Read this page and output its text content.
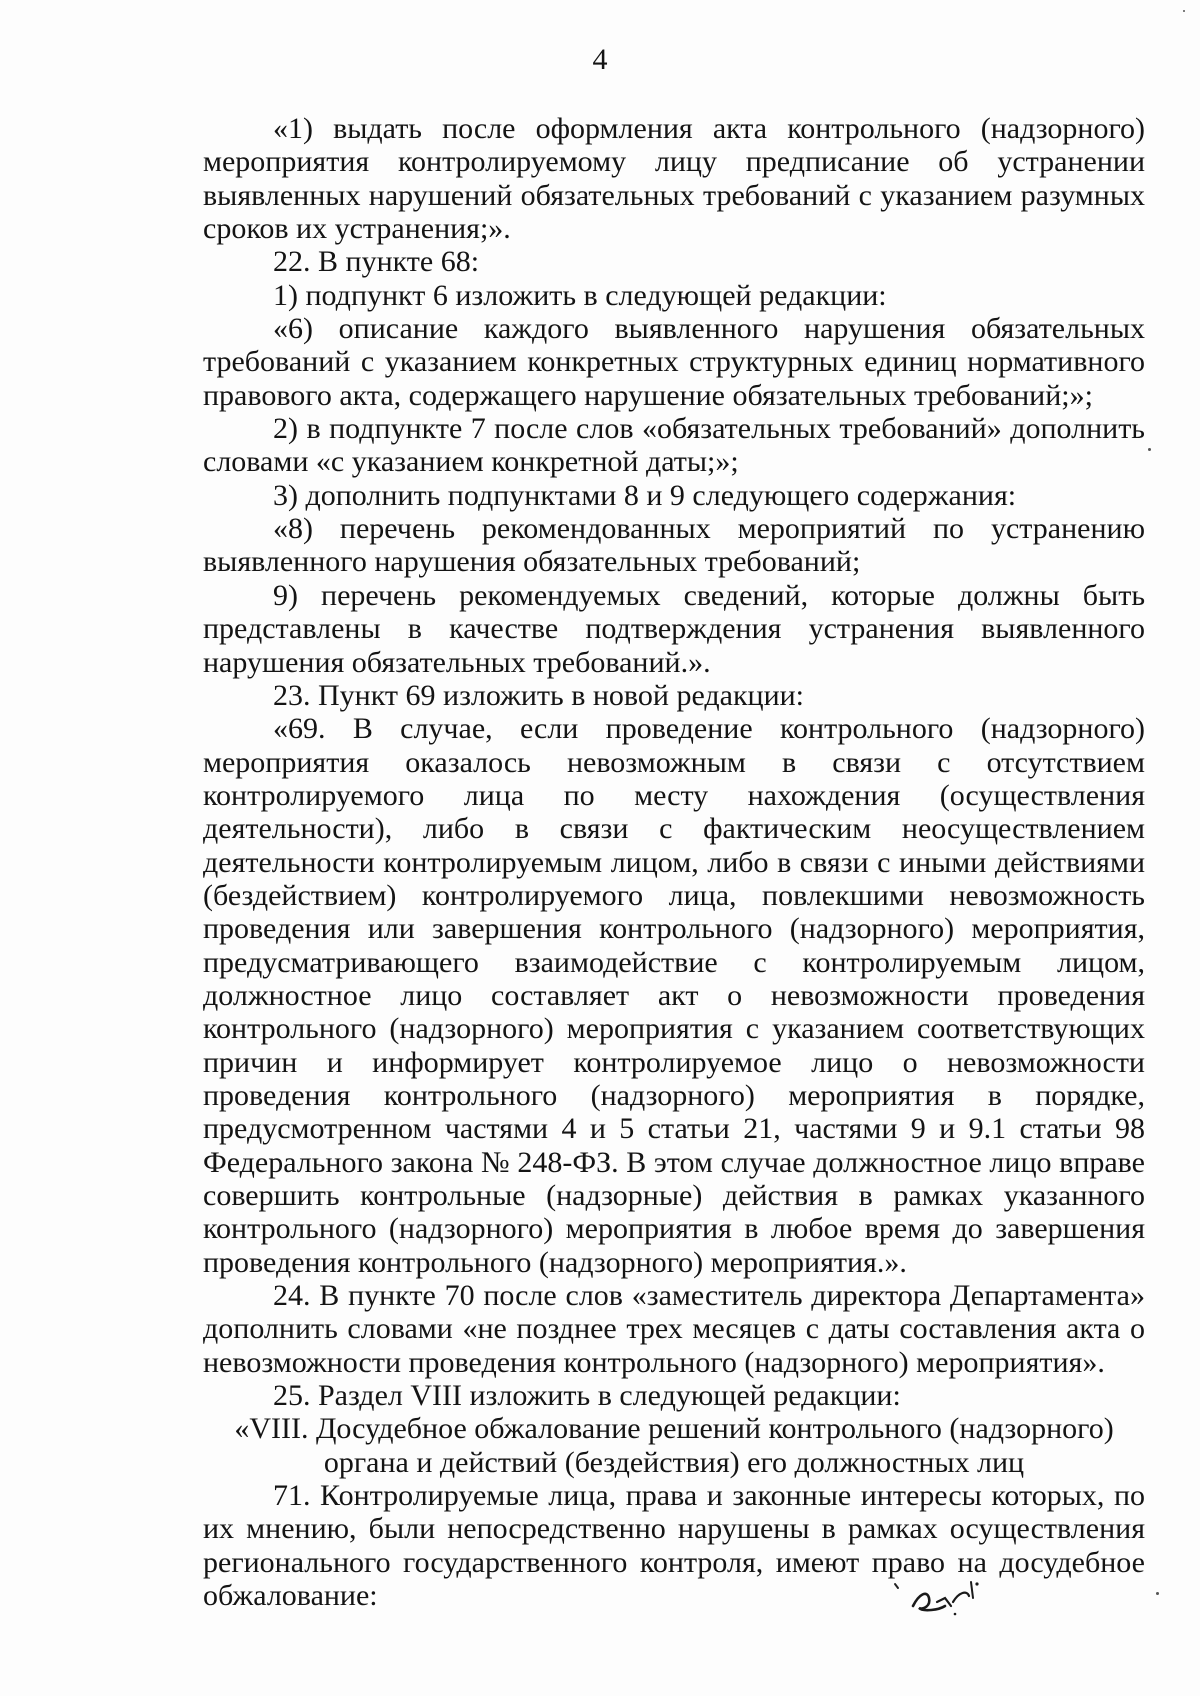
4

«1) выдать после оформления акта контрольного (надзорного) мероприятия контролируемому лицу предписание об устранении выявленных нарушений обязательных требований с указанием разумных сроков их устранения;».

22. В пункте 68:

1) подпункт 6 изложить в следующей редакции:

«6) описание каждого выявленного нарушения обязательных требований с указанием конкретных структурных единиц нормативного правового акта, содержащего нарушение обязательных требований;»;

2) в подпункте 7 после слов «обязательных требований» дополнить словами «с указанием конкретной даты;»;

3) дополнить подпунктами 8 и 9 следующего содержания:

«8) перечень рекомендованных мероприятий по устранению выявленного нарушения обязательных требований;

9) перечень рекомендуемых сведений, которые должны быть представлены в качестве подтверждения устранения выявленного нарушения обязательных требований.».

23. Пункт 69 изложить в новой редакции:

«69. В случае, если проведение контрольного (надзорного) мероприятия оказалось невозможным в связи с отсутствием контролируемого лица по месту нахождения (осуществления деятельности), либо в связи с фактическим неосуществлением деятельности контролируемым лицом, либо в связи с иными действиями (бездействием) контролируемого лица, повлекшими невозможность проведения или завершения контрольного (надзорного) мероприятия, предусматривающего взаимодействие с контролируемым лицом, должностное лицо составляет акт о невозможности проведения контрольного (надзорного) мероприятия с указанием соответствующих причин и информирует контролируемое лицо о невозможности проведения контрольного (надзорного) мероприятия в порядке, предусмотренном частями 4 и 5 статьи 21, частями 9 и 9.1 статьи 98 Федерального закона № 248-ФЗ. В этом случае должностное лицо вправе совершить контрольные (надзорные) действия в рамках указанного контрольного (надзорного) мероприятия в любое время до завершения проведения контрольного (надзорного) мероприятия.».

24. В пункте 70 после слов «заместитель директора Департамента» дополнить словами «не позднее трех месяцев с даты составления акта о невозможности проведения контрольного (надзорного) мероприятия».

25. Раздел VIII изложить в следующей редакции:

«VIII. Досудебное обжалование решений контрольного (надзорного)

органа и действий (бездействия) его должностных лиц

71. Контролируемые лица, права и законные интересы которых, по их мнению, были непосредственно нарушены в рамках осуществления регионального государственного контроля, имеют право на досудебное обжалование:
